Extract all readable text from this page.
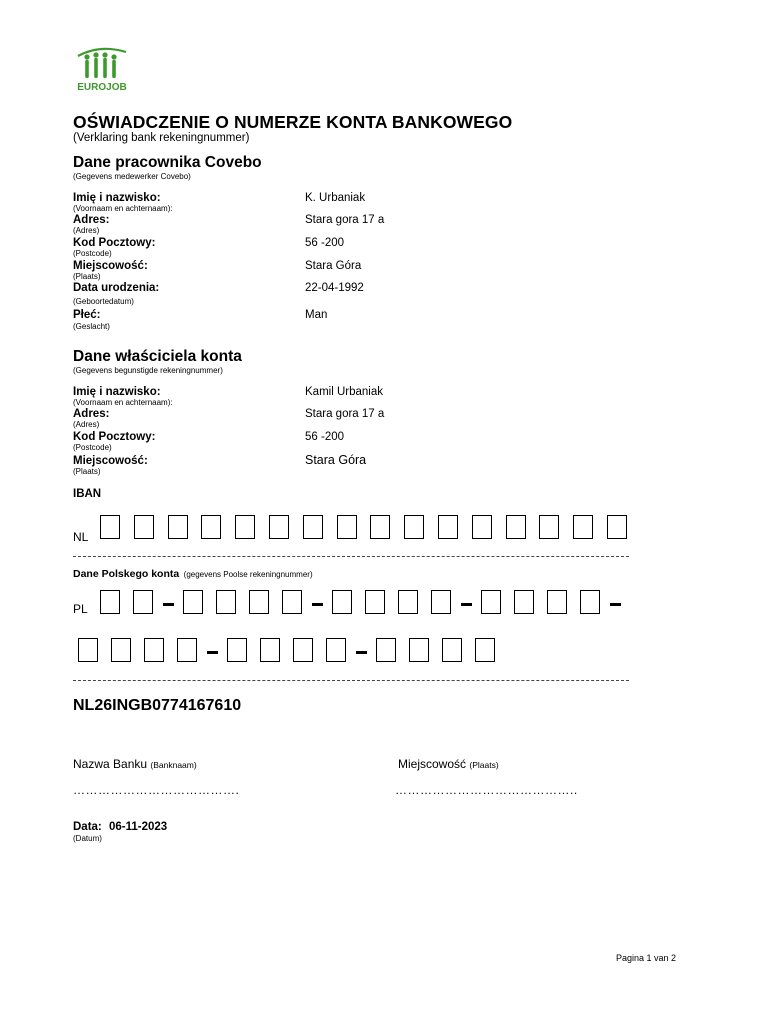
EUROJOB
OŚWIADCZENIE O NUMERZE KONTA BANKOWEGO
(Verklaring bank rekeningnummer)
Dane pracownika Covebo
(Gegevens medewerker Covebo)
Imię i nazwisko:
(Voornaam en achternaam):
K. Urbaniak
Adres:
(Adres)
Stara gora 17 a
Kod Pocztowy:
(Postcode)
56 -200
Miejscowość:
(Plaats)
Stara Góra
Data urodzenia:
(Geboortedatum)
22-04-1992
Płeć:
(Geslacht)
Man
Dane właściciela konta
(Gegevens begunstigde rekeningnummer)
Imię i nazwisko:
(Voornaam en achternaam):
Kamil Urbaniak
Adres:
(Adres)
Stara gora 17 a
Kod Pocztowy:
(Postcode)
56 -200
Miejscowość:
(Plaats)
Stara Góra
IBAN
NL
Dane Polskego konta (gegevens Poolse rekeningnummer)
PL
NL26INGB0774167610
Nazwa Banku (Banknaam)	Miejscowość (Plaats)
………………………………….	……………………………………..
Data: 06-11-2023
(Datum)
Pagina 1 van 2
